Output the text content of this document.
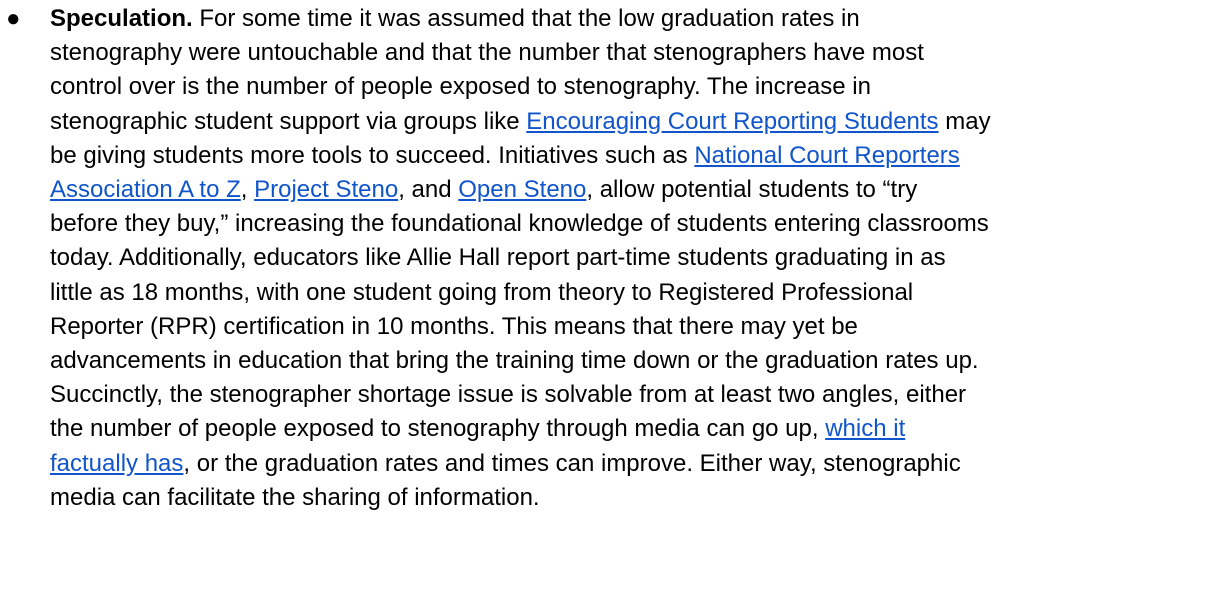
● Speculation. For some time it was assumed that the low graduation rates in
stenography were untouchable and that the number that stenographers have most
control over is the number of people exposed to stenography. The increase in
stenographic student support via groups like Encouraging Court Reporting Students may
be giving students more tools to succeed. Initiatives such as National Court Reporters
Association A to Z, Project Steno, and Open Steno, allow potential students to “try
before they buy,” increasing the foundational knowledge of students entering classrooms
today. Additionally, educators like Allie Hall report part-time students graduating in as
little as 18 months, with one student going from theory to Registered Professional
Reporter (RPR) certification in 10 months. This means that there may yet be
advancements in education that bring the training time down or the graduation rates up.
Succinctly, the stenographer shortage issue is solvable from at least two angles, either
the number of people exposed to stenography through media can go up, which it
factually has, or the graduation rates and times can improve. Either way, stenographic
media can facilitate the sharing of information.
